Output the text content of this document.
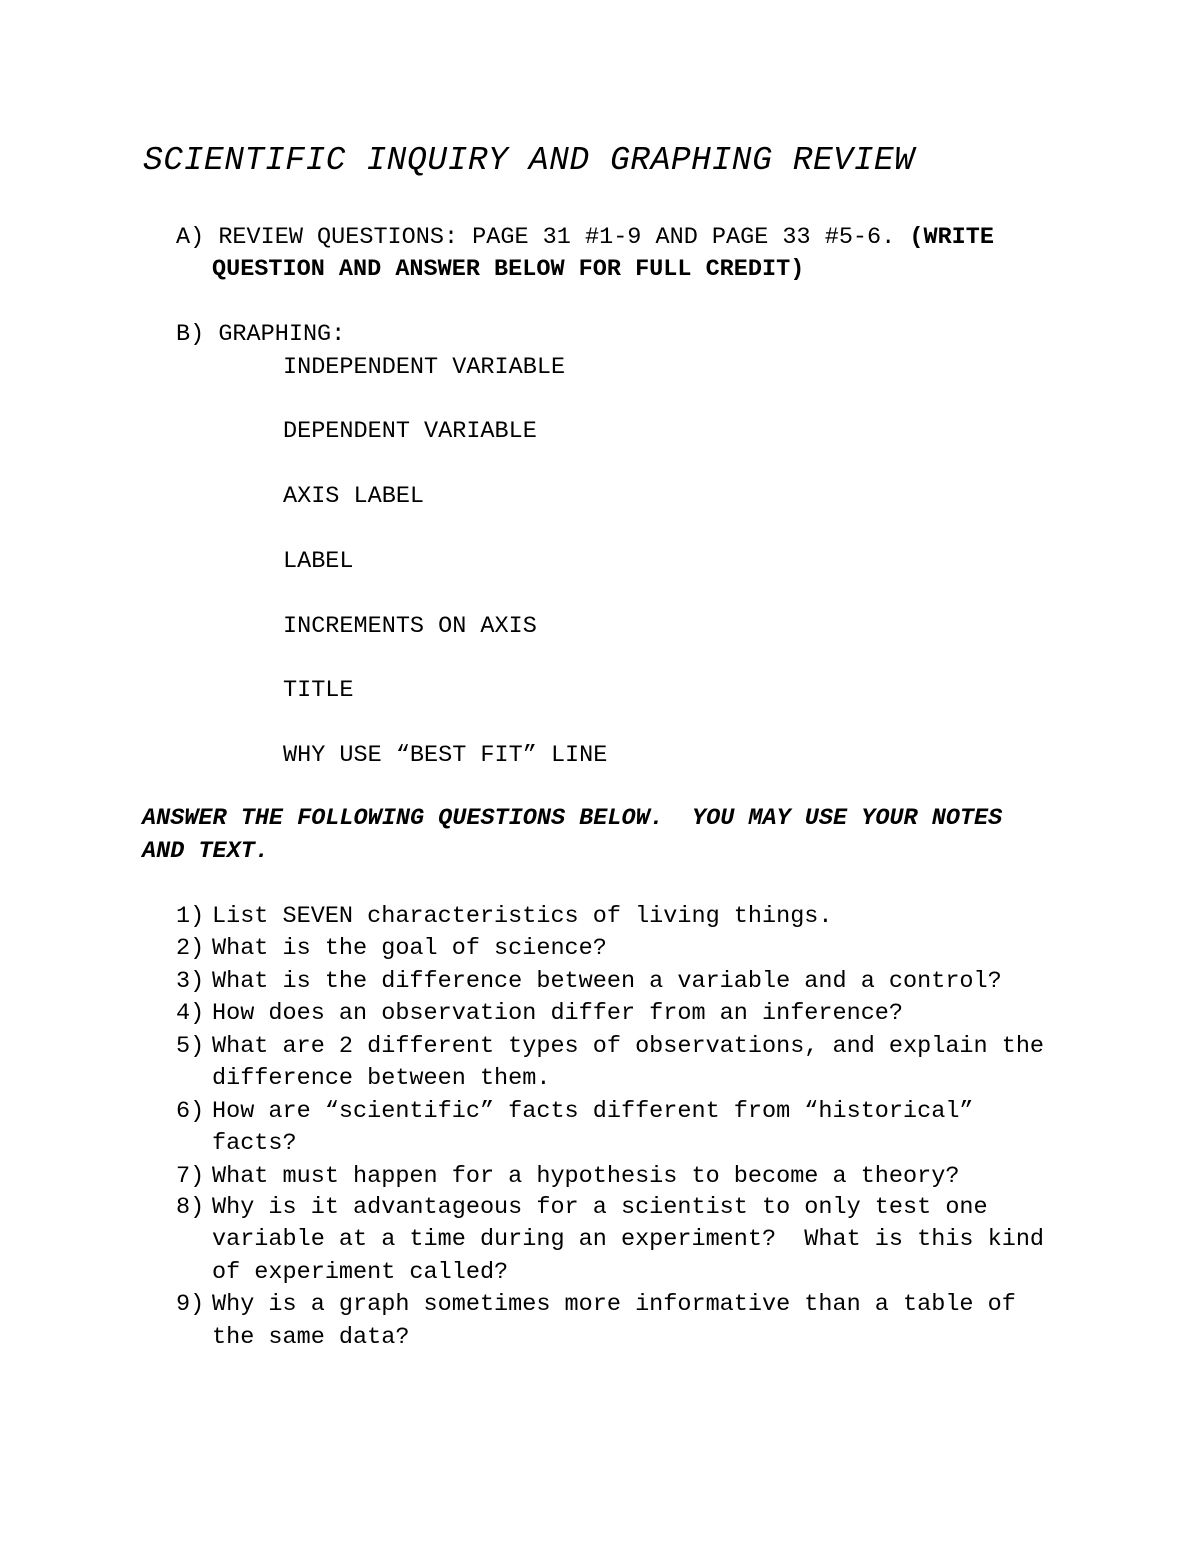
SCIENTIFIC INQUIRY AND GRAPHING REVIEW
A) REVIEW QUESTIONS: PAGE 31 #1-9 AND PAGE 33 #5-6. (WRITE
QUESTION AND ANSWER BELOW FOR FULL CREDIT)
B) GRAPHING:
INDEPENDENT VARIABLE
DEPENDENT VARIABLE
AXIS LABEL
LABEL
INCREMENTS ON AXIS
TITLE
WHY USE “BEST FIT” LINE
ANSWER THE FOLLOWING QUESTIONS BELOW.  YOU MAY USE YOUR NOTES
AND TEXT.
1) List SEVEN characteristics of living things.
2) What is the goal of science?
3) What is the difference between a variable and a control?
4) How does an observation differ from an inference?
5) What are 2 different types of observations, and explain the
difference between them.
6) How are “scientific” facts different from “historical”
facts?
7) What must happen for a hypothesis to become a theory?
8) Why is it advantageous for a scientist to only test one
variable at a time during an experiment?  What is this kind
of experiment called?
9) Why is a graph sometimes more informative than a table of
the same data?
